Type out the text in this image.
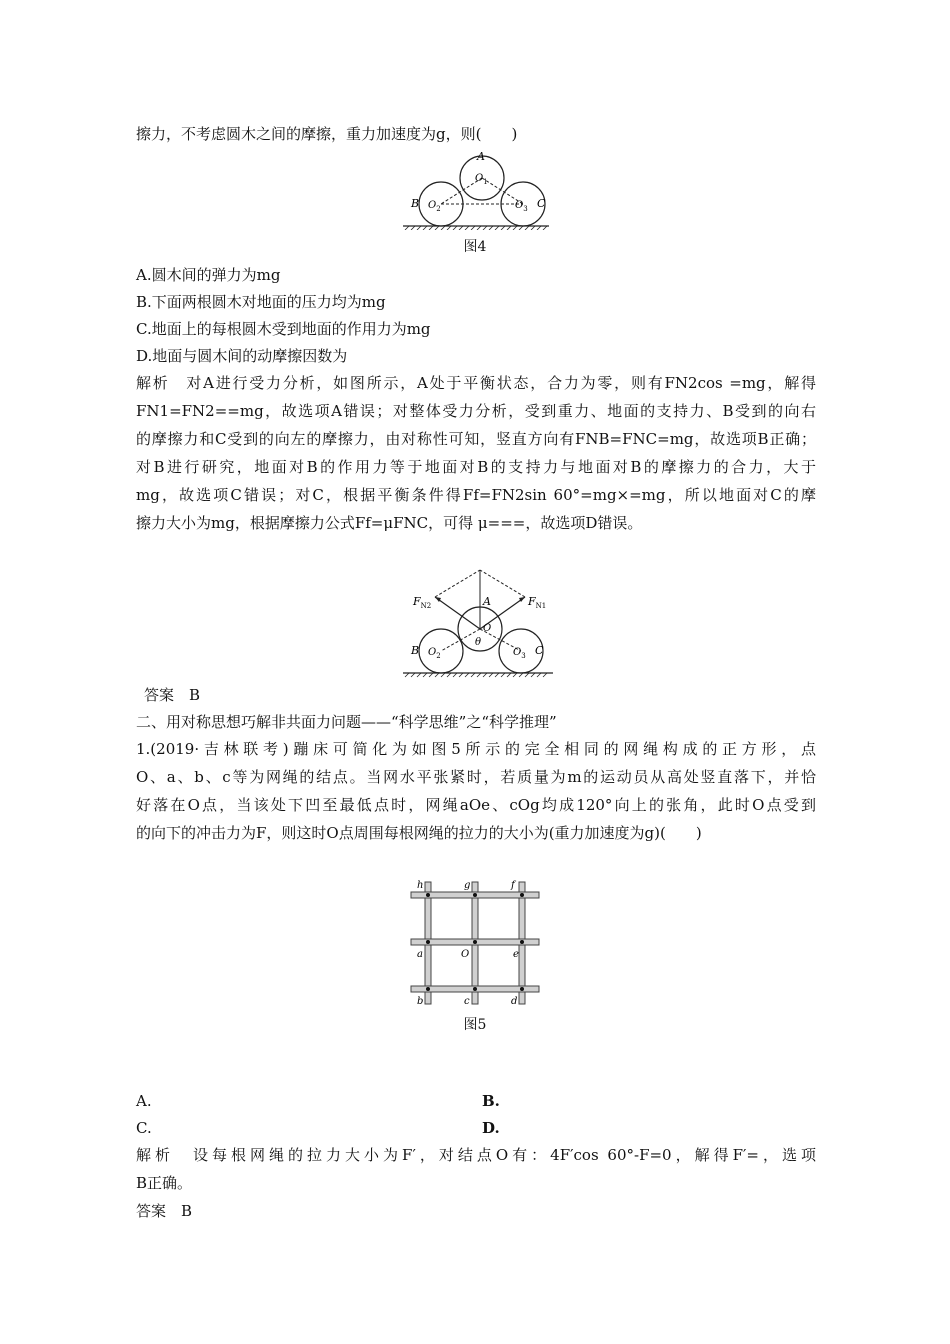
擦力，不考虑圆木之间的摩擦，重力加速度为g，则(　　)
A
$O_1$
B $O_2$	$O_3$ C
图4
A.圆木间的弹力为mg
B.下面两根圆木对地面的压力均为mg
C.地面上的每根圆木受到地面的作用力为mg
D.地面与圆木间的动摩擦因数为
解析　对A进行受力分析，如图所示，A处于平衡状态，合力为零，则有FN2cos =mg，解得
FN1=FN2==mg，故选项A错误；对整体受力分析，受到重力、地面的支持力、B受到的向右
的摩擦力和C受到的向左的摩擦力，由对称性可知，竖直方向有FNB=FNC=mg，故选项B正确；
对B进行研究，地面对B的作用力等于地面对B的支持力与地面对B的摩擦力的合力，大于
mg，故选项C错误；对C，根据平衡条件得Ff=FN2sin 60°=mg×=mg，所以地面对C的摩
擦力大小为mg，根据摩擦力公式Ff=μFNC，可得 μ===，故选项D错误。
$F_{N2}$	$F_{N1}$
A
O
θ
B $O_2$	$O_3$ C
答案　B
二、用对称思想巧解非共面力问题——“科学思维”之“科学推理”
1.(2019·吉林联考)蹦床可简化为如图5所示的完全相同的网绳构成的正方形，点
O、a、b、c等为网绳的结点。当网水平张紧时，若质量为m的运动员从高处竖直落下，并恰
好落在O点，当该处下凹至最低点时，网绳aOe、cOg均成120°向上的张角，此时O点受到
的向下的冲击力为F，则这时O点周围每根网绳的拉力的大小为(重力加速度为g)(　　)
h	g	f
a	O	e
b	c	d
图5
A.	B.
C.	D.
解析　设每根网绳的拉力大小为F′，对结点O有：4F′cos 60°-F=0，解得F′=，选项
B正确。
答案　B
